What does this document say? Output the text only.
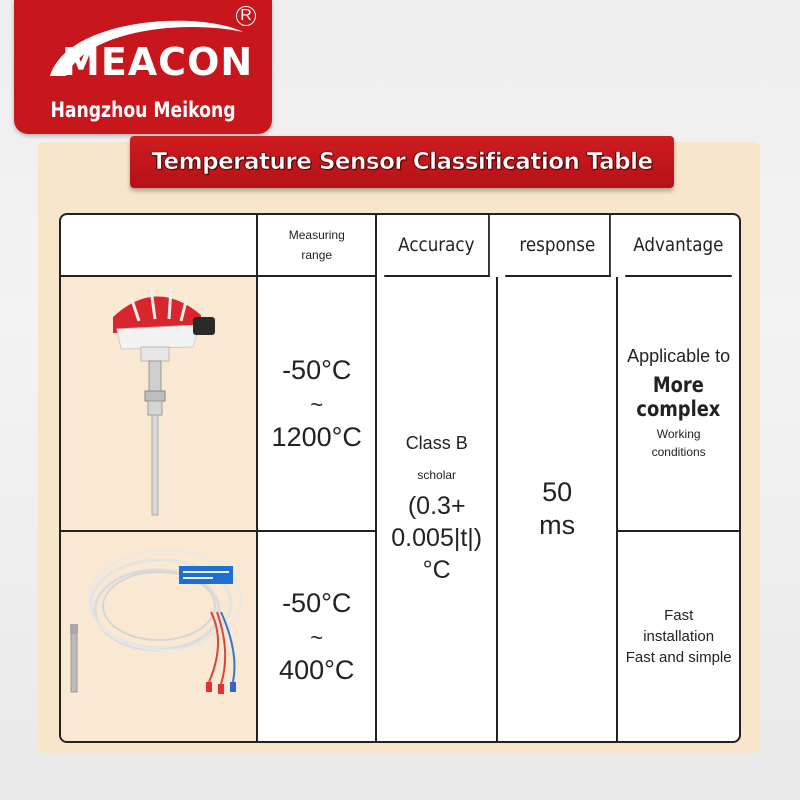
R
MEACON
Hangzhou Meikong
Temperature Sensor Classification Table
	Measuring
range	Accuracy	response	Advantage
	-50°C
~
1200°C	Class B
scholar
(0.3+
0.005|t|)
°C	50
ms	Applicable to
More complex
Working
conditions

	-50°C
~
400°C			Fast
installation
Fast and simple
